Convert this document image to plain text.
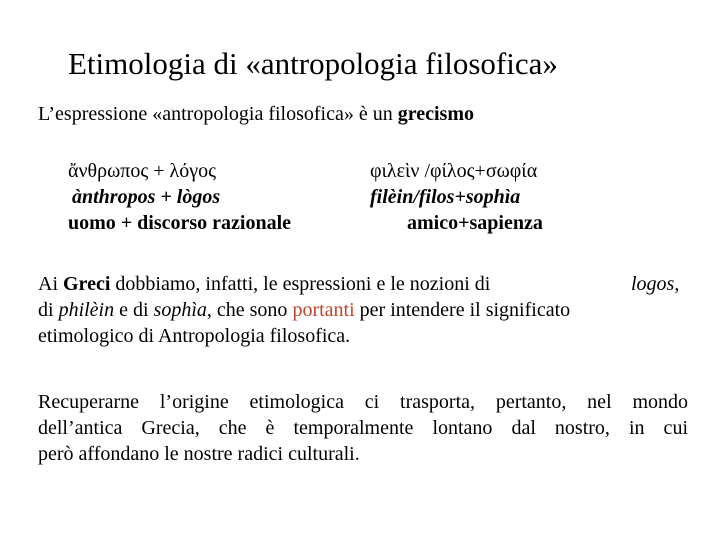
Etimologia di «antropologia filosofica»
L’espressione «antropologia filosofica» è un grecismo
ἄνθρωπος + λόγος
ànthropos + lògos
uomo + discorso razionale
φιλεὶν /φίλος+σωφία
filèin/filos+sophìa
amico+sapienza
Ai Greci dobbiamo, infatti, le espressioni e le nozioni di	logos,
di philèin e di sophìa, che sono portanti per intendere il significato
etimologico di Antropologia filosofica.
Recuperarne l’origine etimologica ci trasporta, pertanto, nel mondo
dell’antica Grecia, che è temporalmente lontano dal nostro, in cui
però affondano le nostre radici culturali.
